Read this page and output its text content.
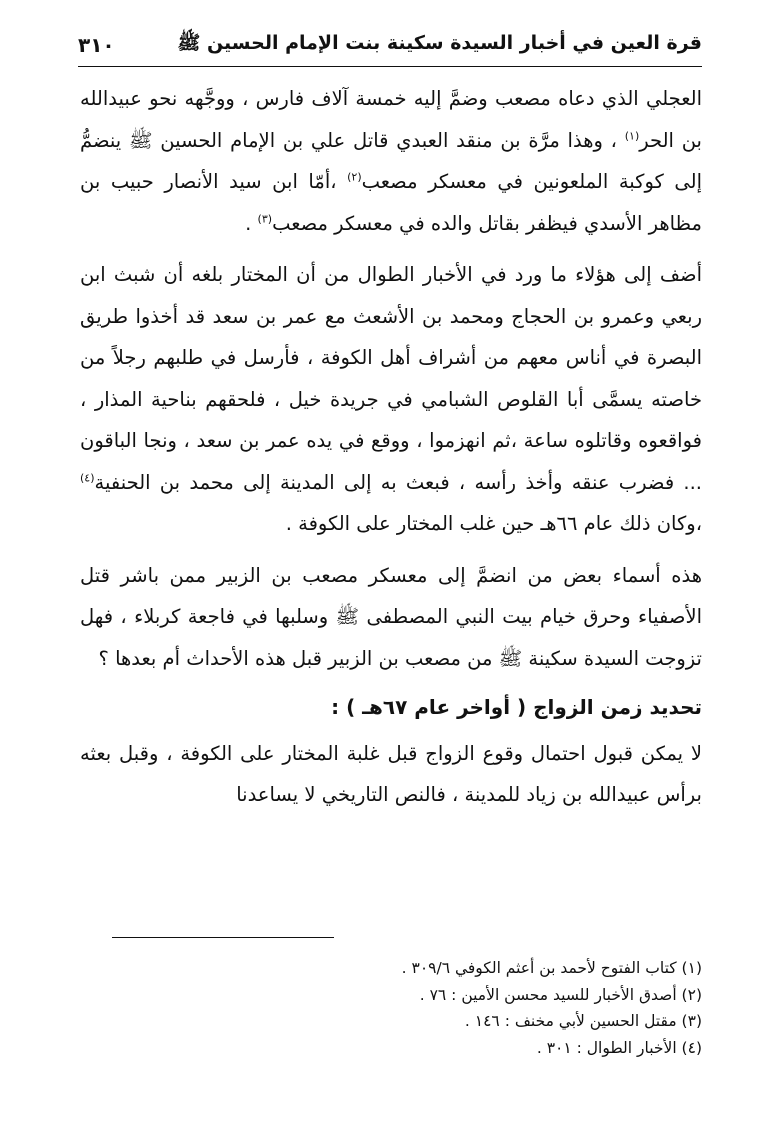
قرة العين في أخبار السيدة سكينة بنت الإمام الحسين ﷺ
٣١٠

العجلي الذي دعاه مصعب وضمَّ إليه خمسة آلاف فارس ، ووجَّهه نحو عبيدالله بن الحر$^{(١)}$ ، وهذا مرَّة بن منقد العبدي قاتل علي بن الإمام الحسين ﷺ ينضمُّ إلى كوكبة الملعونين في معسكر مصعب$^{(٢)}$ ،أمّا ابن سيد الأنصار حبيب بن مظاهر الأسدي فيظفر بقاتل والده في معسكر مصعب$^{(٣)}$ .

أضف إلى هؤلاء ما ورد في الأخبار الطوال من أن المختار بلغه أن شبث ابن ربعي وعمرو بن الحجاج ومحمد بن الأشعث مع عمر بن سعد قد أخذوا طريق البصرة في أناس معهم من أشراف أهل الكوفة ، فأرسل في طلبهم رجلاً من خاصته يسمَّى أبا القلوص الشبامي في جريدة خيل ، فلحقهم بناحية المذار ، فواقعوه وقاتلوه ساعة ،ثم انهزموا ، ووقع في يده عمر بن سعد ، ونجا الباقون ... فضرب عنقه وأخذ رأسه ، فبعث به إلى المدينة إلى محمد بن الحنفية$^{(٤)}$ ،وكان ذلك عام ٦٦هـ حين غلب المختار على الكوفة .

هذه أسماء بعض من انضمَّ إلى معسكر مصعب بن الزبير ممن باشر قتل الأصفياء وحرق خيام بيت النبي المصطفى ﷺ وسلبها في فاجعة كربلاء ، فهل تزوجت السيدة سكينة ﷺ من مصعب بن الزبير قبل هذه الأحداث أم بعدها ؟

تحديد زمن الزواج ( أواخر عام ٦٧هـ ) :

لا يمكن قبول احتمال وقوع الزواج قبل غلبة المختار على الكوفة ، وقبل بعثه برأس عبيدالله بن زياد للمدينة ، فالنص التاريخي لا يساعدنا

(١) كتاب الفتوح لأحمد بن أعثم الكوفي ٣٠٩/٦ .

(٢) أصدق الأخبار للسيد محسن الأمين : ٧٦ .

(٣) مقتل الحسين لأبي مخنف : ١٤٦ .

(٤) الأخبار الطوال : ٣٠١ .
